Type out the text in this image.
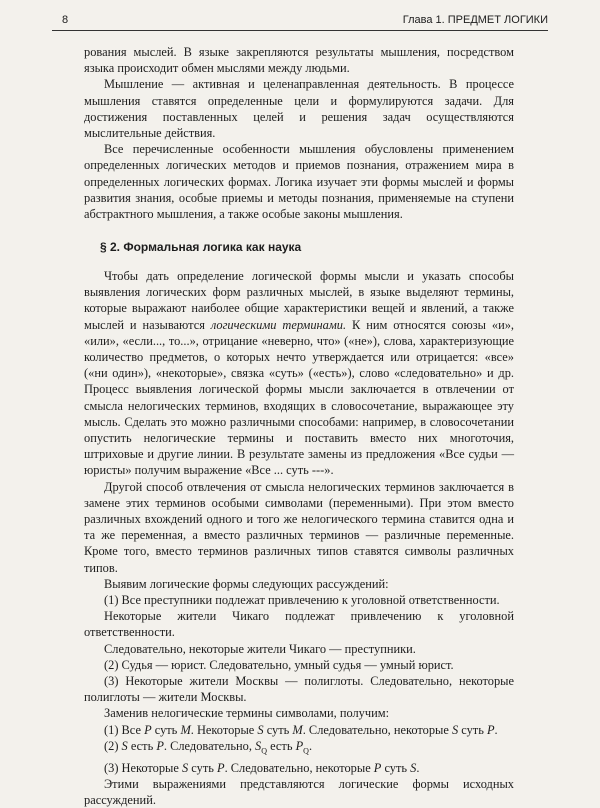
8	Глава 1. ПРЕДМЕТ ЛОГИКИ

рования мыслей. В языке закрепляются результаты мышления, посредством языка происходит обмен мыслями между людьми.

Мышление — активная и целенаправленная деятельность. В процессе мышления ставятся определенные цели и формулируются задачи. Для достижения поставленных целей и решения задач осуществляются мыслительные действия.

Все перечисленные особенности мышления обусловлены применением определенных логических методов и приемов познания, отражением мира в определенных логических формах. Логика изучает эти формы мыслей и формы развития знания, особые приемы и методы познания, применяемые на ступени абстрактного мышления, а также особые законы мышления.

§ 2. Формальная логика как наука

Чтобы дать определение логической формы мысли и указать способы выявления логических форм различных мыслей, в языке выделяют термины, которые выражают наиболее общие характеристики вещей и явлений, а также мыслей и называются логическими терминами. К ним относятся союзы «и», «или», «если..., то...», отрицание «неверно, что» («не»), слова, характеризующие количество предметов, о которых нечто утверждается или отрицается: «все» («ни один»), «некоторые», связка «суть» («есть»), слово «следовательно» и др. Процесс выявления логической формы мысли заключается в отвлечении от смысла нелогических терминов, входящих в словосочетание, выражающее эту мысль. Сделать это можно различными способами: например, в словосочетании опустить нелогические термины и поставить вместо них многоточия, штриховые и другие линии. В результате замены из предложения «Все судьи — юристы» получим выражение «Все ... суть ---».

Другой способ отвлечения от смысла нелогических терминов заключается в замене этих терминов особыми символами (переменными). При этом вместо различных вхождений одного и того же нелогического термина ставится одна и та же переменная, а вместо различных терминов — различные переменные. Кроме того, вместо терминов различных типов ставятся символы различных типов.

Выявим логические формы следующих рассуждений:

(1) Все преступники подлежат привлечению к уголовной ответственности.

Некоторые жители Чикаго подлежат привлечению к уголовной ответственности.

Следовательно, некоторые жители Чикаго — преступники.

(2) Судья — юрист. Следовательно, умный судья — умный юрист.

(3) Некоторые жители Москвы — полиглоты. Следовательно, некоторые полиглоты — жители Москвы.

Заменив нелогические термины символами, получим:

(1) Все P суть M. Некоторые S суть M. Следовательно, некоторые S суть P.

(2) S есть P. Следовательно, $S_Q$ есть $P_Q$.

(3) Некоторые S суть P. Следовательно, некоторые P суть S.

Этими выражениями представляются логические формы исходных рассуждений.
